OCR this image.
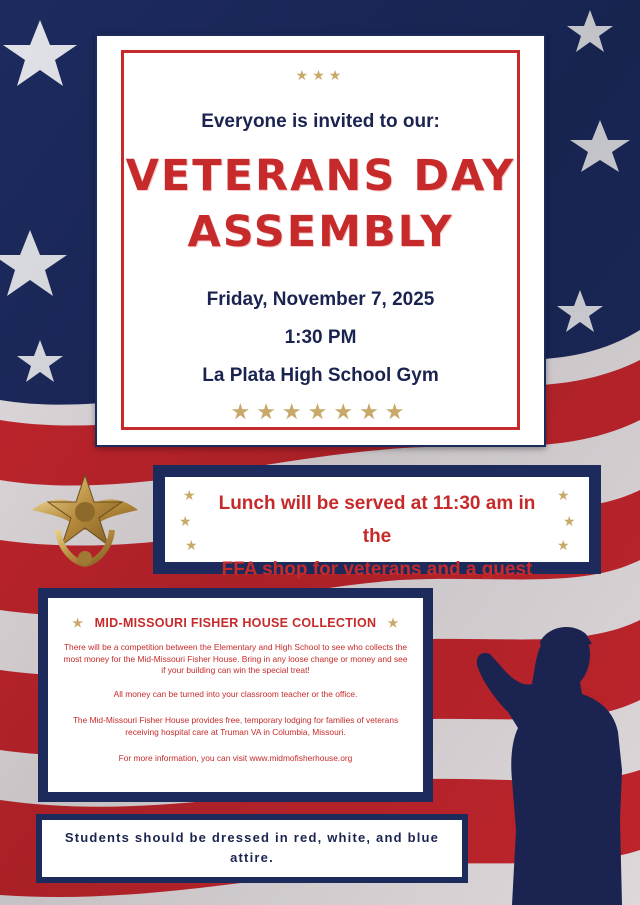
★★★
Everyone is invited to our:
VETERANS DAY
ASSEMBLY
Friday, November 7, 2025
1:30 PM
La Plata High School Gym
★★★★★★★
★
★
★
★
★
★
Lunch will be served at 11:30 am in the
FFA shop for veterans and a guest
★ MID-MISSOURI FISHER HOUSE COLLECTION ★
There will be a competition between the Elementary and High School to see who collects the most money for the Mid-Missouri Fisher House. Bring in any loose change or money and see if your building can win the special treat!
All money can be turned into your classroom teacher or the office.
The Mid-Missouri Fisher House provides free, temporary lodging for families of veterans receiving hospital care at Truman VA in Columbia, Missouri.
For more information, you can visit www.midmofisherhouse.org
Students should be dressed in red, white, and blue attire.
